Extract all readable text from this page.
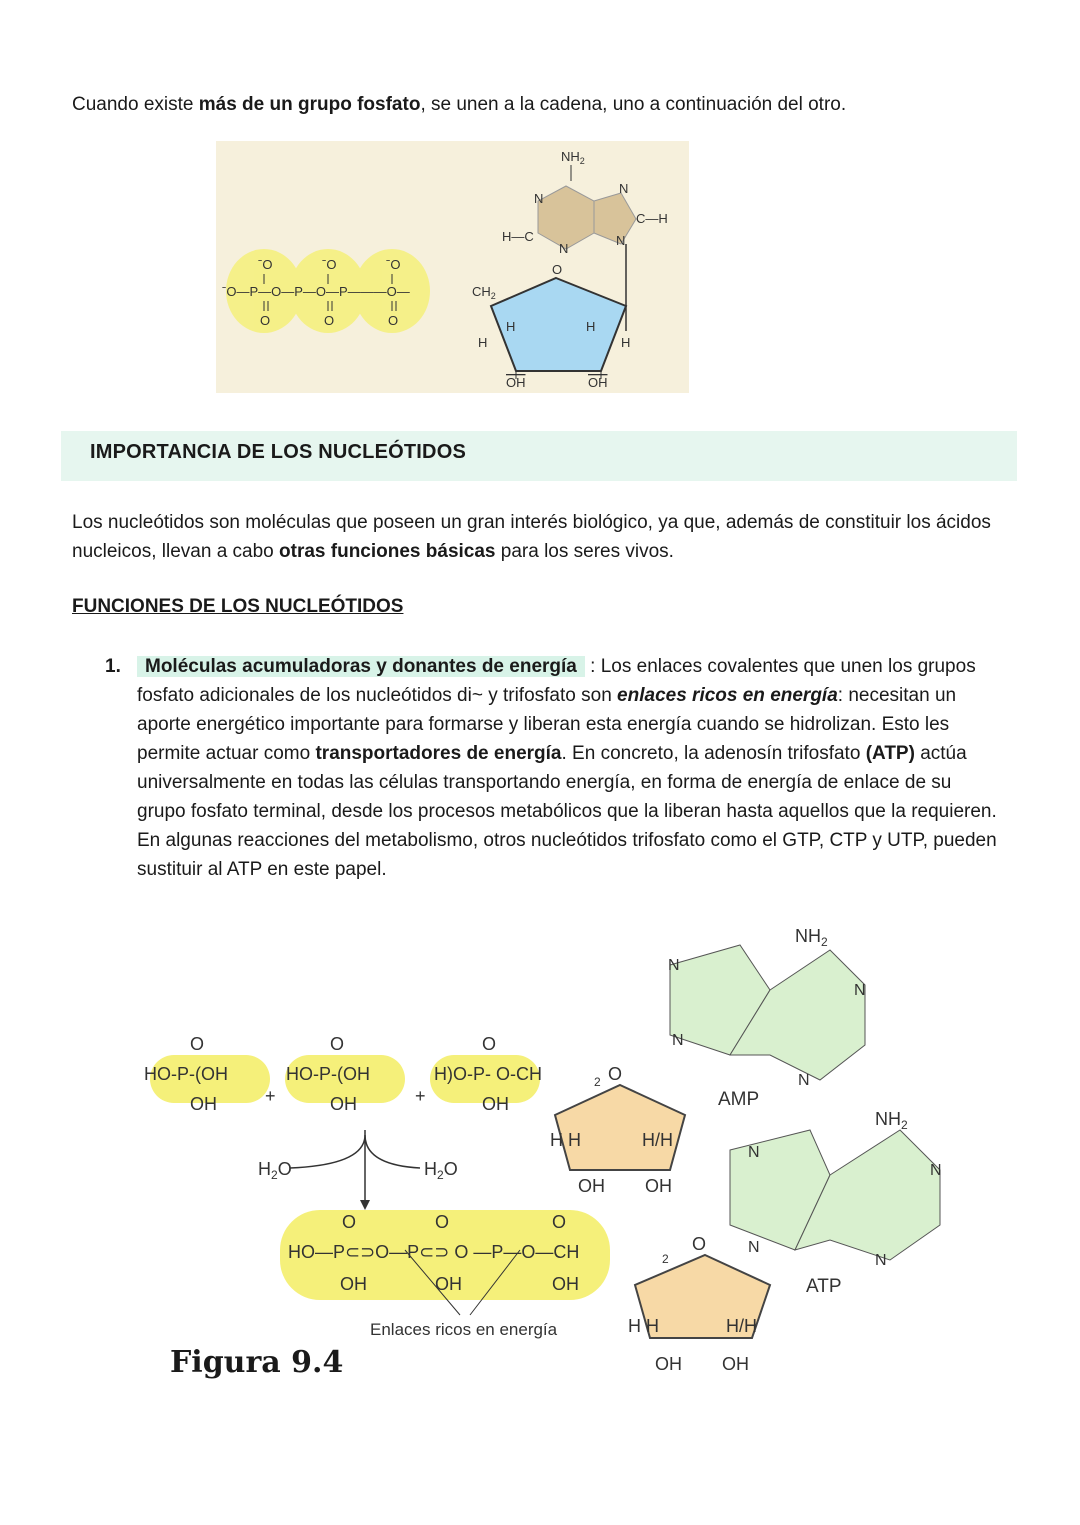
Cuando existe más de un grupo fosfato, se unen a la cadena, uno a continuación del otro.
ˉO	ˉO	ˉO
ˉO—P—O—P—O—P———O—
O	O	O
$CH_2$
O
H	H
H	H
OH	OH
$NH_2$
C—H
H—C
N
N
N
N
IMPORTANCIA DE LOS NUCLEÓTIDOS
Los nucleótidos son moléculas que poseen un gran interés biológico, ya que, además de constituir los ácidos nucleicos, llevan a cabo otras funciones básicas para los seres vivos.
FUNCIONES DE LOS NUCLEÓTIDOS
1.	Moléculas acumuladoras y donantes de energía : Los enlaces covalentes que unen los grupos fosfato adicionales de los nucleótidos di~ y trifosfato son enlaces ricos en energía: necesitan un aporte energético importante para formarse y liberan esta energía cuando se hidrolizan. Esto les permite actuar como transportadores de energía. En concreto, la adenosín trifosfato (ATP) actúa universalmente en todas las células transportando energía, en forma de energía de enlace de su grupo fosfato terminal, desde los procesos metabólicos que la liberan hasta aquellos que la requieren. En algunas reacciones del metabolismo, otros nucleótidos trifosfato como el GTP, CTP y UTP, pueden sustituir al ATP en este papel.
O	O	O
HO-P-(OH	HO-P-(OH	H)O-P- O-CH	2
OH	OH	OH
+	+
$H_2O$	$H_2O$
O	O	O
HO—P⊂⊃O—P⊂⊃ O —P—O—CH	2
OH	OH	OH
Enlaces ricos en energía
O
H H	H/H
OH OH
N
N
N
N
$NH_2$
AMP
O
H H	H/H
OH OH
N
N
N
N
$NH_2$
ATP
Figura 9.4
